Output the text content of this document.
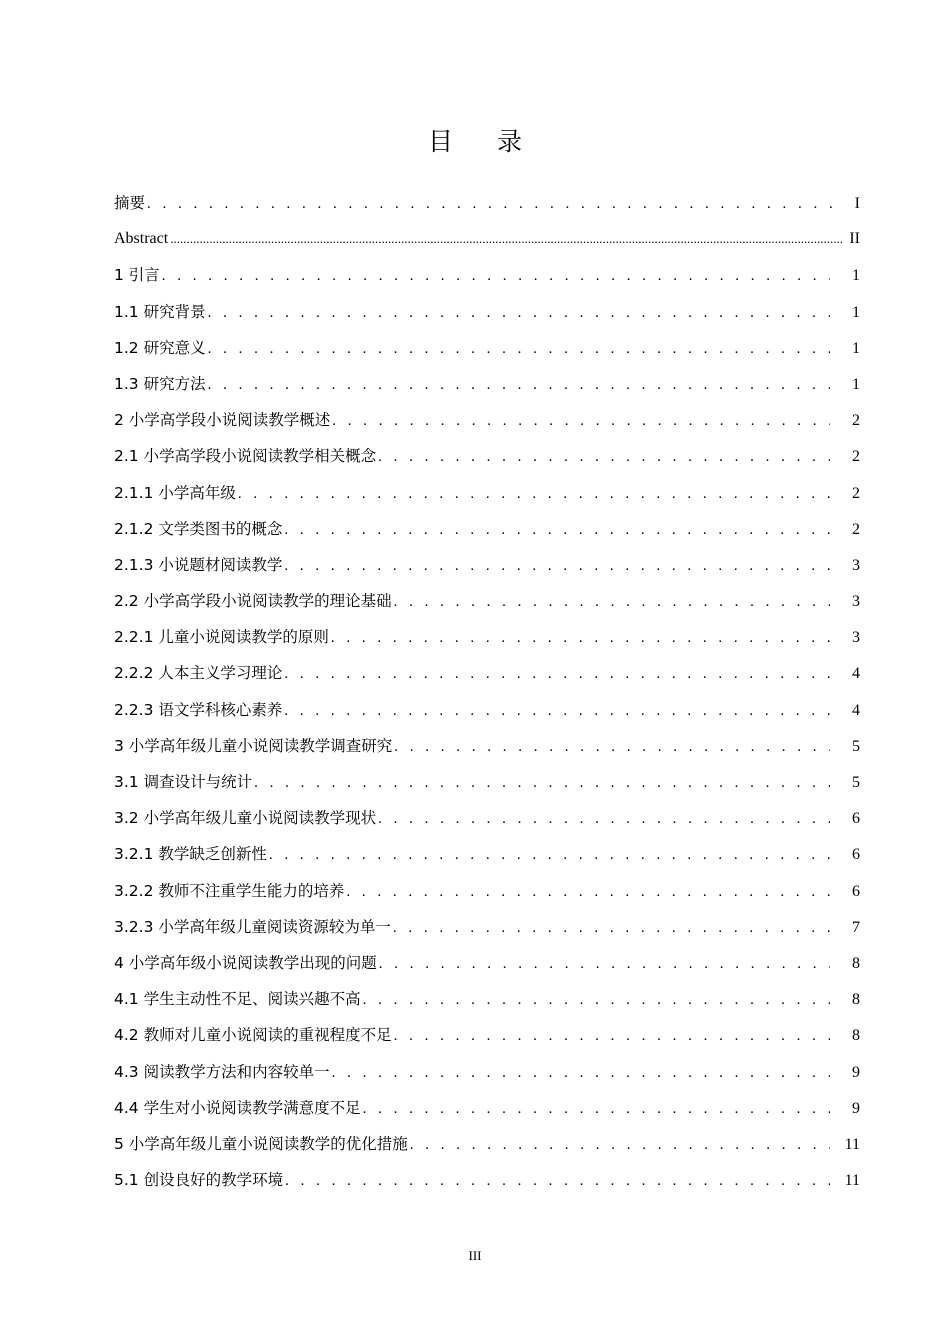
目 录
摘要 . . .	I
Abstract .....	II
1 引言 . . .	1
1.1 研究背景 . . .	1
1.2 研究意义 . . .	1
1.3 研究方法 . . .	1
2 小学高学段小说阅读教学概述 . . .	2
2.1 小学高学段小说阅读教学相关概念 . . .	2
2.1.1 小学高年级 . . .	2
2.1.2 文学类图书的概念 . . .	2
2.1.3 小说题材阅读教学 . . .	3
2.2 小学高学段小说阅读教学的理论基础 . . .	3
2.2.1 儿童小说阅读教学的原则 . . .	3
2.2.2 人本主义学习理论 . . .	4
2.2.3 语文学科核心素养 . . .	4
3 小学高年级儿童小说阅读教学调查研究 . . .	5
3.1 调查设计与统计 . . .	5
3.2 小学高年级儿童小说阅读教学现状 . . .	6
3.2.1 教学缺乏创新性 . . .	6
3.2.2 教师不注重学生能力的培养 . . .	6
3.2.3 小学高年级儿童阅读资源较为单一 . . .	7
4 小学高年级小说阅读教学出现的问题 . . .	8
4.1 学生主动性不足、阅读兴趣不高 . . .	8
4.2 教师对儿童小说阅读的重视程度不足 . . .	8
4.3 阅读教学方法和内容较单一 . . .	9
4.4 学生对小说阅读教学满意度不足 . . .	9
5 小学高年级儿童小说阅读教学的优化措施 . . .	11
5.1 创设良好的教学环境 . . .	11
III
